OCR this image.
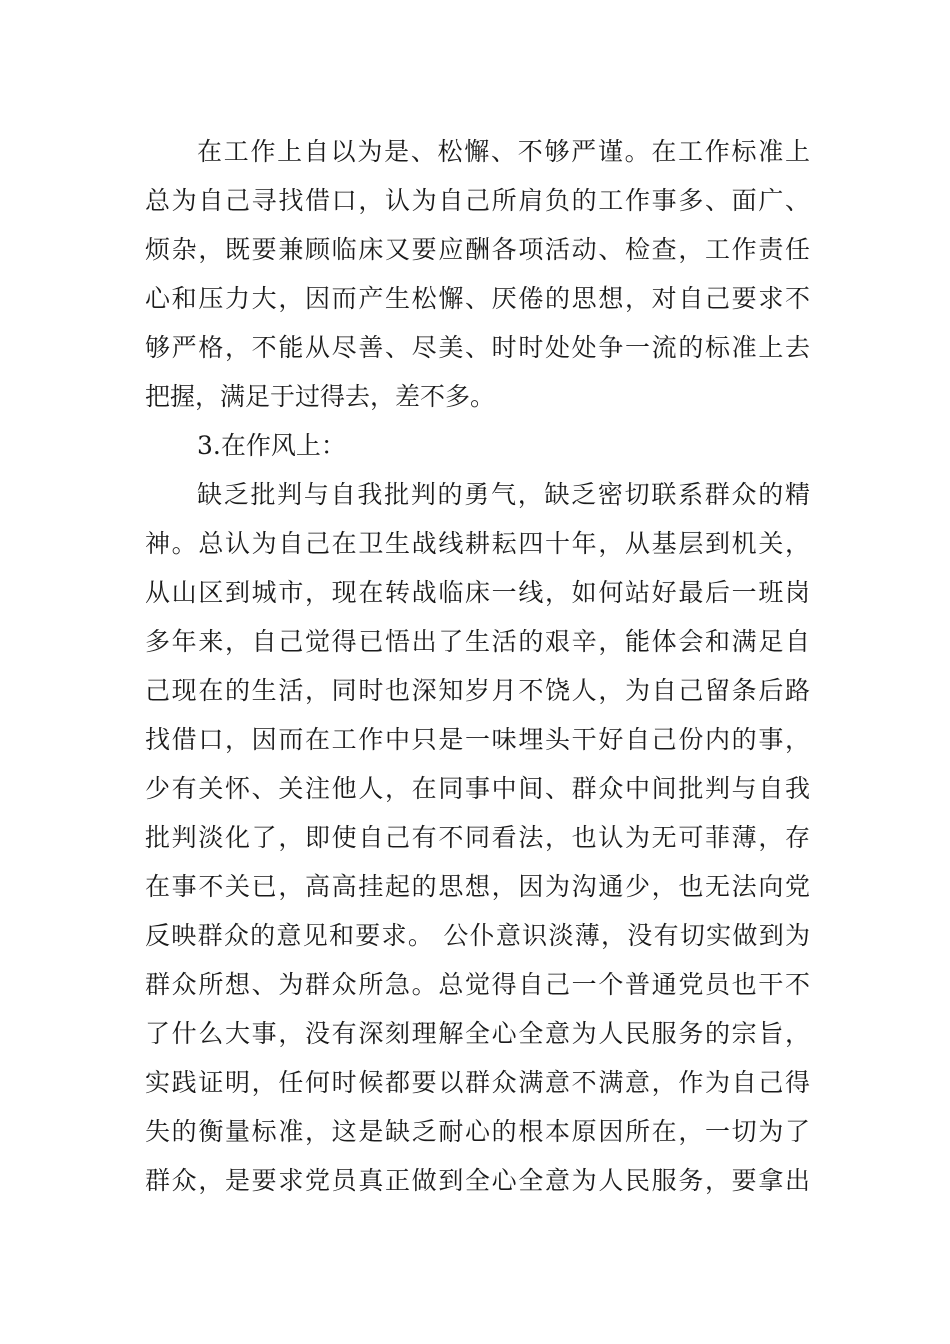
在工作上自以为是、松懈、不够严谨。在工作标准上
总为自己寻找借口，认为自己所肩负的工作事多、面广、
烦杂，既要兼顾临床又要应酬各项活动、检查，工作责任
心和压力大，因而产生松懈、厌倦的思想，对自己要求不
够严格，不能从尽善、尽美、时时处处争一流的标准上去
把握，满足于过得去，差不多。
3.在作风上：
缺乏批判与自我批判的勇气，缺乏密切联系群众的精
神。总认为自己在卫生战线耕耘四十年，从基层到机关，
从山区到城市，现在转战临床一线，如何站好最后一班岗
多年来，自己觉得已悟出了生活的艰辛，能体会和满足自
己现在的生活，同时也深知岁月不饶人，为自己留条后路
找借口，因而在工作中只是一味埋头干好自己份内的事，
少有关怀、关注他人，在同事中间、群众中间批判与自我
批判淡化了，即使自己有不同看法，也认为无可菲薄，存
在事不关已，高高挂起的思想，因为沟通少，也无法向党
反映群众的意见和要求。 公仆意识淡薄，没有切实做到为
群众所想、为群众所急。总觉得自己一个普通党员也干不
了什么大事，没有深刻理解全心全意为人民服务的宗旨，
实践证明，任何时候都要以群众满意不满意，作为自己得
失的衡量标准，这是缺乏耐心的根本原因所在，一切为了
群众，是要求党员真正做到全心全意为人民服务，要拿出
